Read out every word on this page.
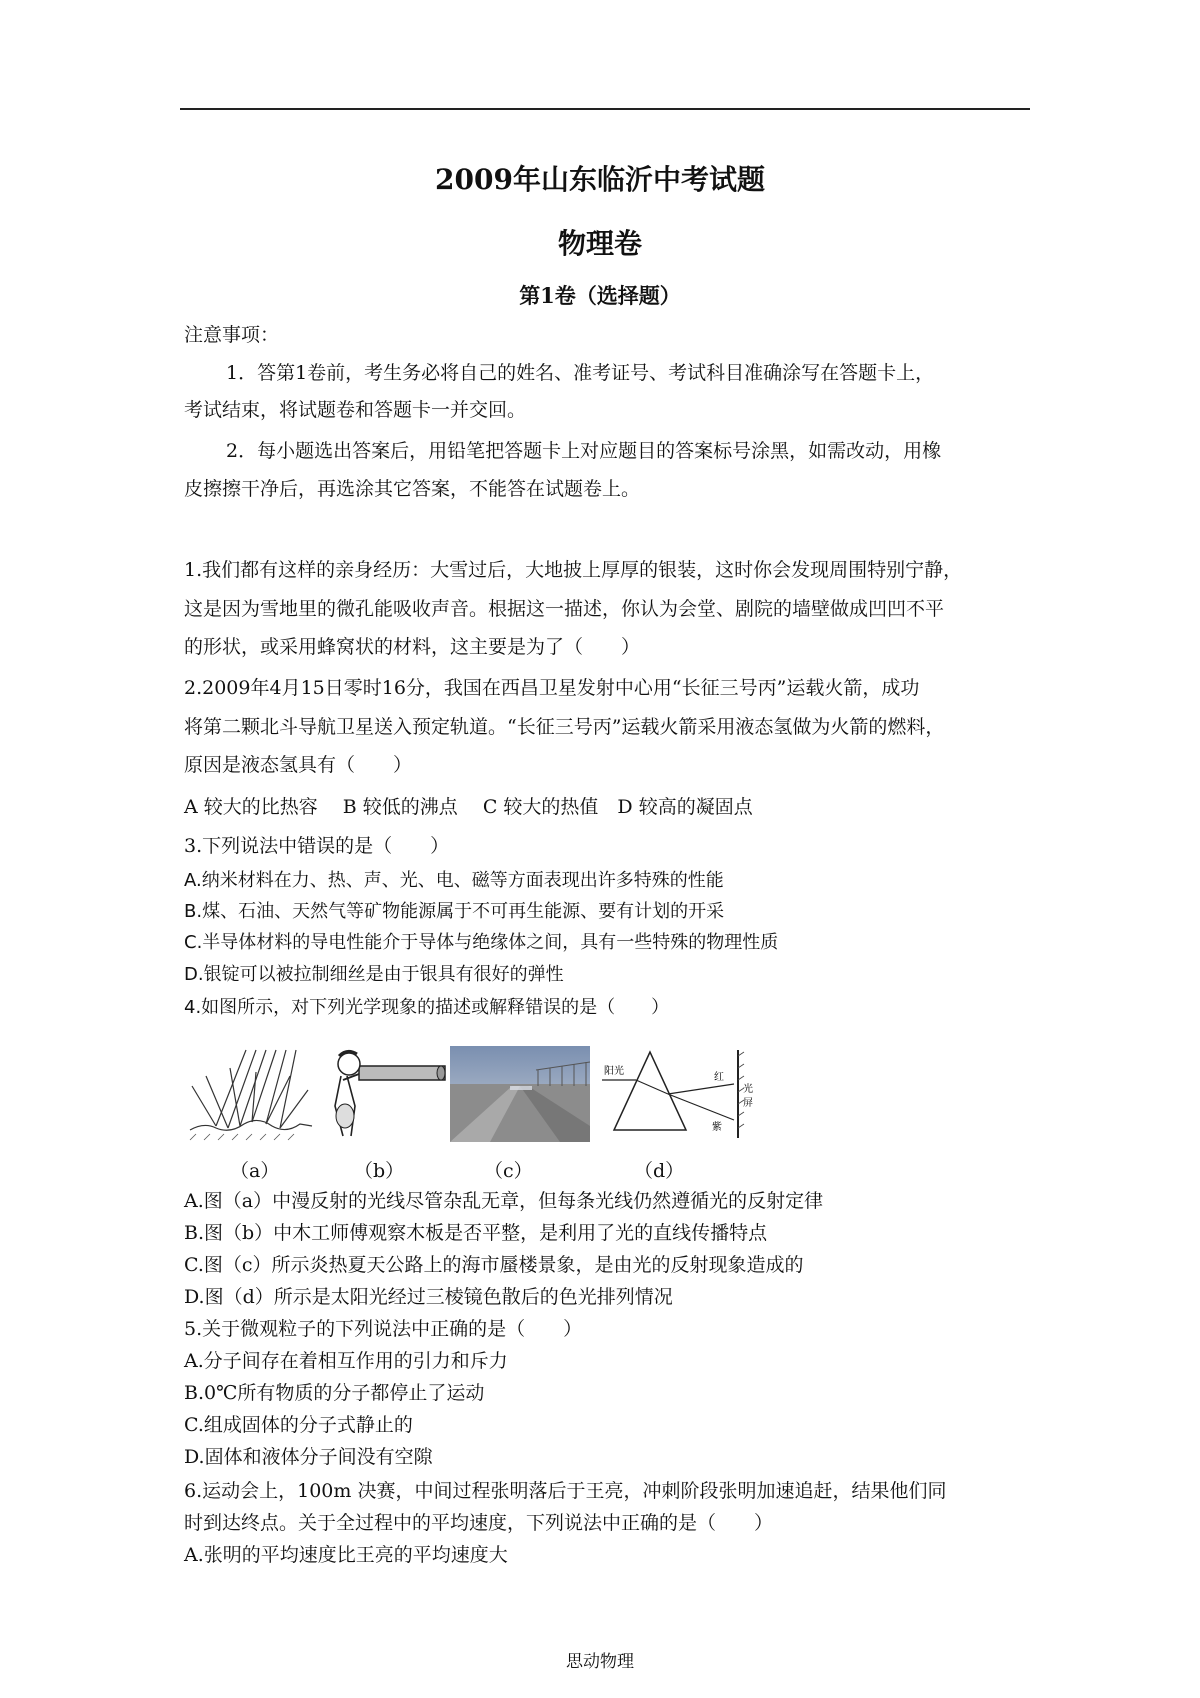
2009年山东临沂中考试题
物理卷
第1卷（选择题）
注意事项：
1．答第1卷前，考生务必将自己的姓名、准考证号、考试科目准确涂写在答题卡上，
考试结束，将试题卷和答题卡一并交回。
2．每小题选出答案后，用铅笔把答题卡上对应题目的答案标号涂黑，如需改动，用橡
皮擦擦干净后，再选涂其它答案，不能答在试题卷上。
1.我们都有这样的亲身经历：大雪过后，大地披上厚厚的银装，这时你会发现周围特别宁静，
这是因为雪地里的微孔能吸收声音。根据这一描述，你认为会堂、剧院的墙壁做成凹凹不平
的形状，或采用蜂窝状的材料，这主要是为了（　　）
2.2009年4月15日零时16分，我国在西昌卫星发射中心用“长征三号丙”运载火箭，成功
将第二颗北斗导航卫星送入预定轨道。“长征三号丙”运载火箭采用液态氢做为火箭的燃料，
原因是液态氢具有（　　）
A 较大的比热容　 B 较低的沸点　 C 较大的热值　D 较高的凝固点
3.下列说法中错误的是（　　）
A.纳米材料在力、热、声、光、电、磁等方面表现出许多特殊的性能
B.煤、石油、天然气等矿物能源属于不可再生能源、要有计划的开采
C.半导体材料的导电性能介于导体与绝缘体之间，具有一些特殊的物理性质
D.银锭可以被拉制细丝是由于银具有很好的弹性
4.如图所示，对下列光学现象的描述或解释错误的是（　　）
阳光
红
紫
光
屏
（a）	（b）	（c）	（d）
A.图（a）中漫反射的光线尽管杂乱无章，但每条光线仍然遵循光的反射定律
B.图（b）中木工师傅观察木板是否平整，是利用了光的直线传播特点
C.图（c）所示炎热夏天公路上的海市蜃楼景象，是由光的反射现象造成的
D.图（d）所示是太阳光经过三棱镜色散后的色光排列情况
5.关于微观粒子的下列说法中正确的是（　　）
A.分子间存在着相互作用的引力和斥力
B.0℃所有物质的分子都停止了运动
C.组成固体的分子式静止的
D.固体和液体分子间没有空隙
6.运动会上，100m 决赛，中间过程张明落后于王亮，冲刺阶段张明加速追赶，结果他们同
时到达终点。关于全过程中的平均速度，下列说法中正确的是（　　）
A.张明的平均速度比王亮的平均速度大
思动物理
